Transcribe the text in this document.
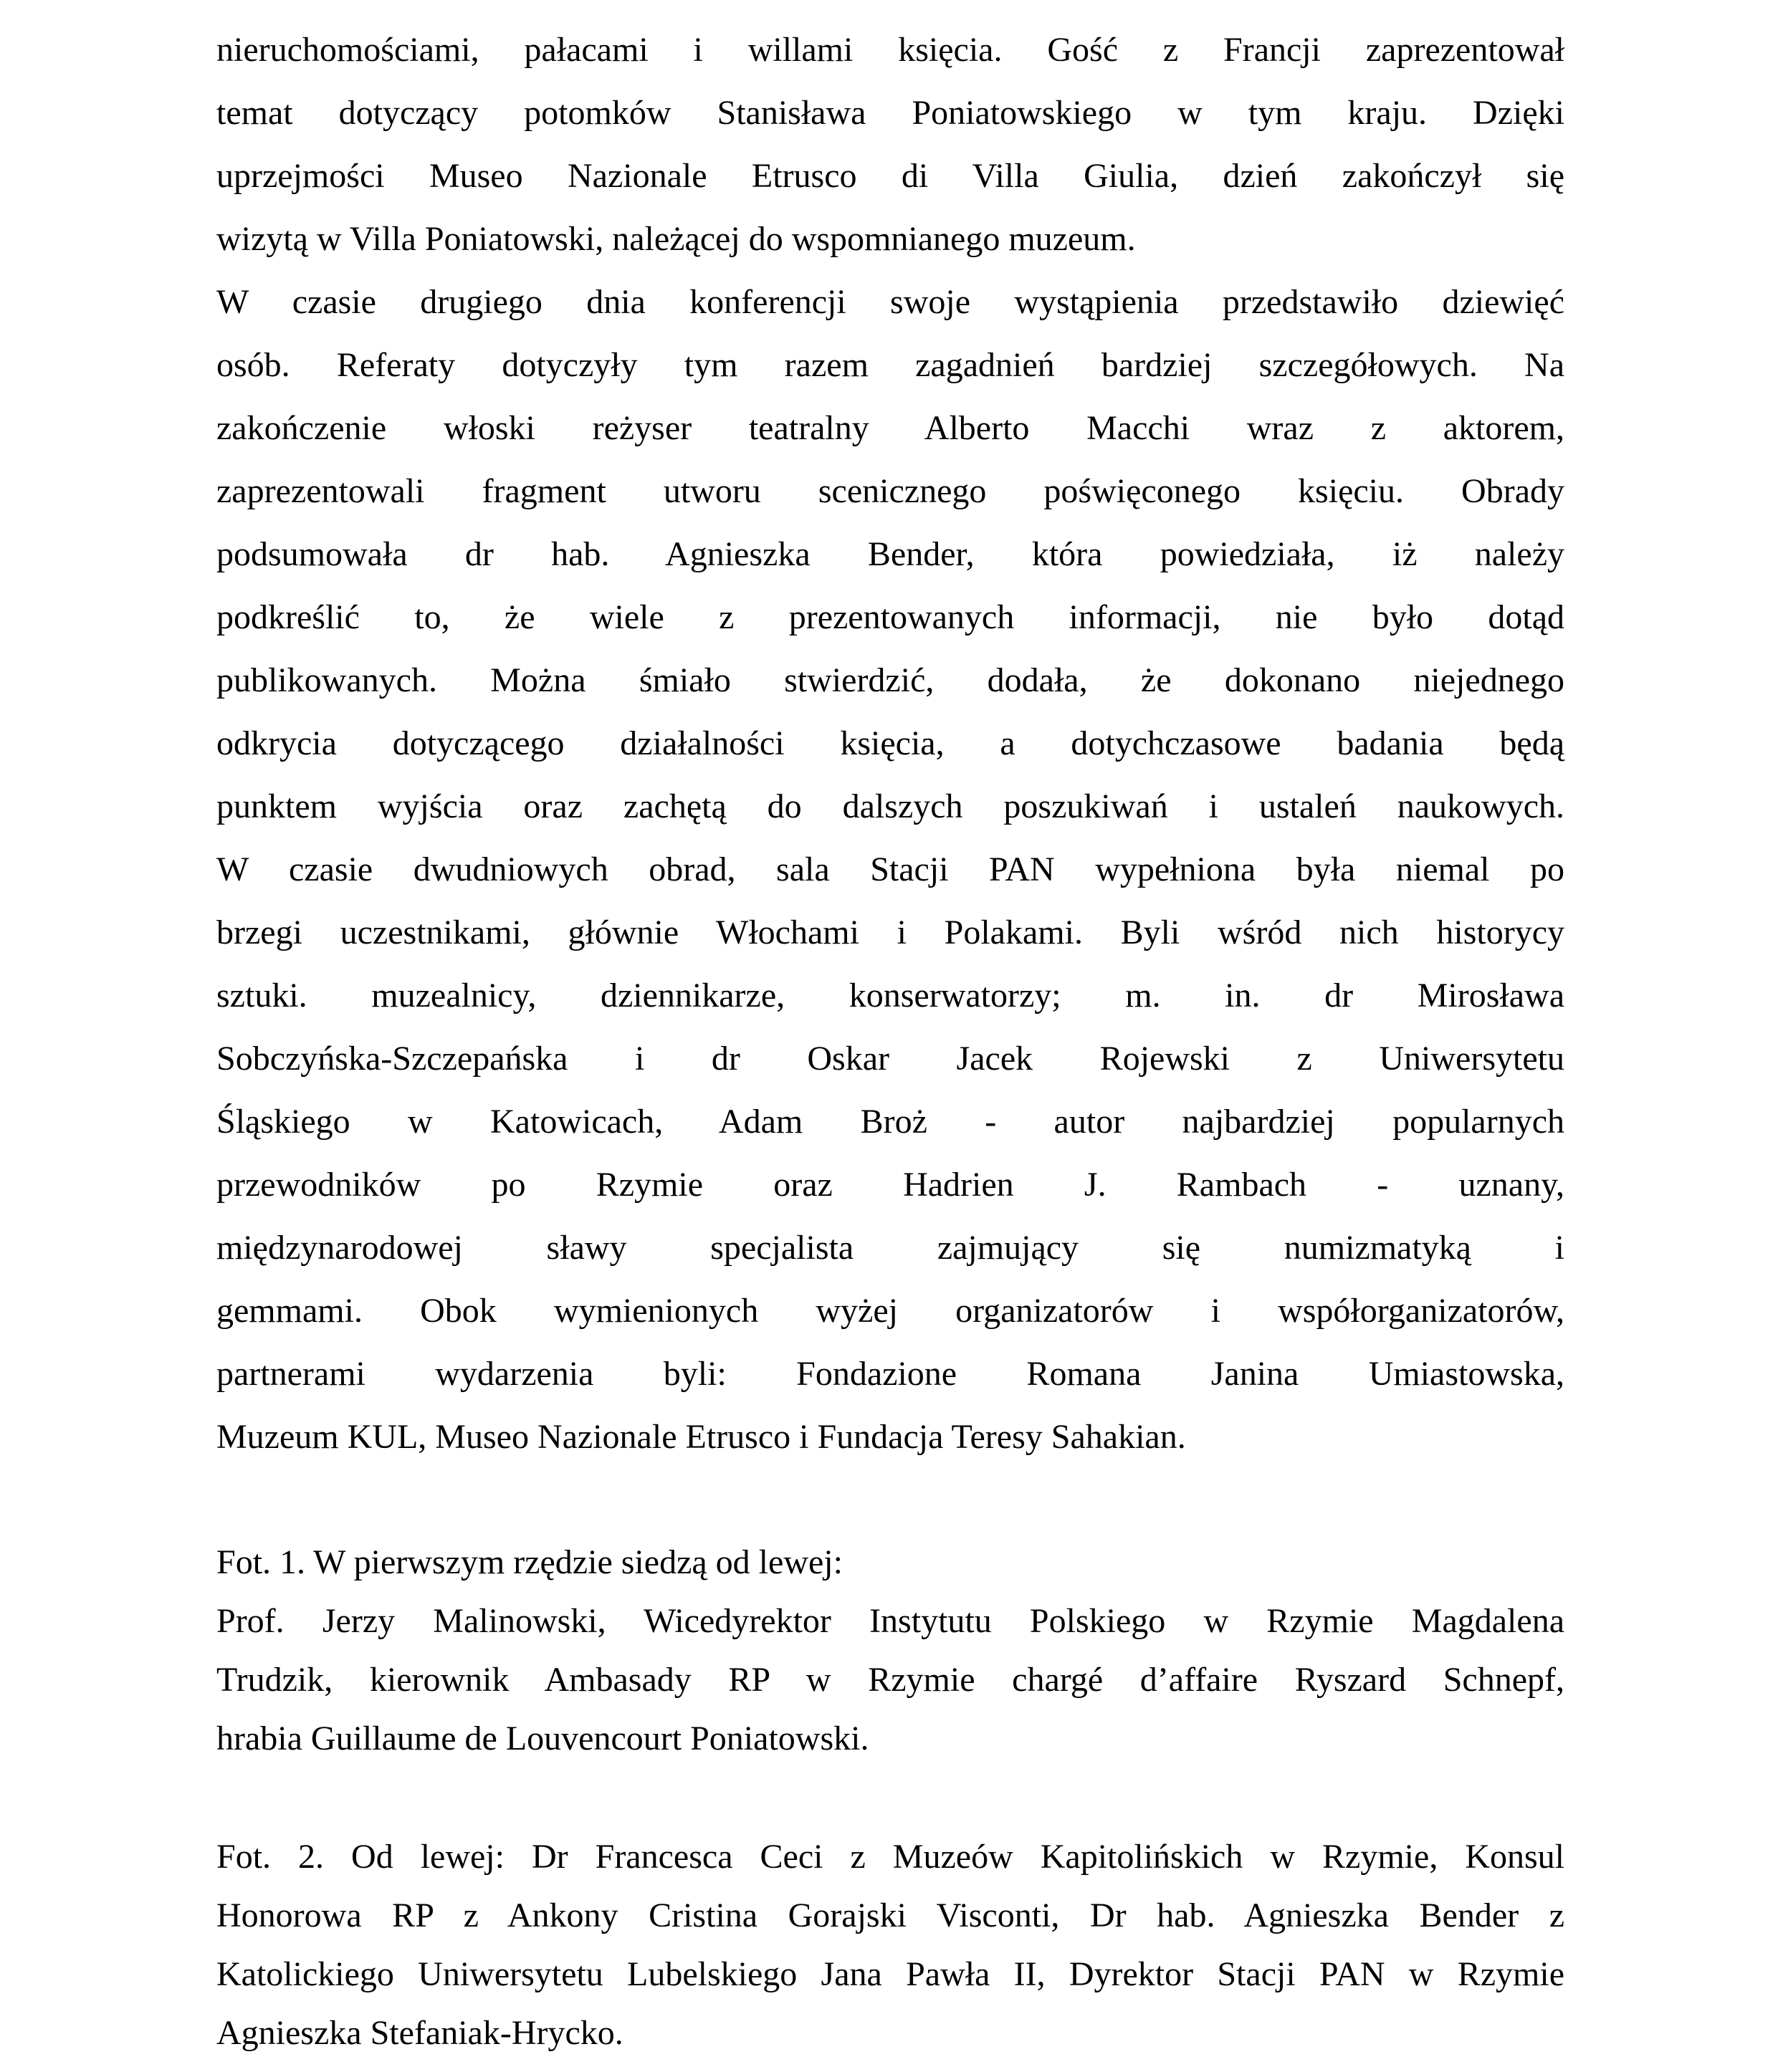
nieruchomościami, pałacami i willami księcia. Gość z Francji zaprezentował
temat dotyczący potomków Stanisława Poniatowskiego w tym kraju. Dzięki
uprzejmości Museo Nazionale Etrusco di Villa Giulia, dzień zakończył się
wizytą w Villa Poniatowski, należącej do wspomnianego muzeum.
W czasie drugiego dnia konferencji swoje wystąpienia przedstawiło dziewięć
osób. Referaty dotyczyły tym razem zagadnień bardziej szczegółowych. Na
zakończenie włoski reżyser teatralny Alberto Macchi wraz z aktorem,
zaprezentowali fragment utworu scenicznego poświęconego księciu. Obrady
podsumowała dr hab. Agnieszka Bender, która powiedziała, iż należy
podkreślić to, że wiele z prezentowanych informacji, nie było dotąd
publikowanych. Można śmiało stwierdzić, dodała, że dokonano niejednego
odkrycia dotyczącego działalności księcia, a dotychczasowe badania będą
punktem wyjścia oraz zachętą do dalszych poszukiwań i ustaleń naukowych.
W czasie dwudniowych obrad, sala Stacji PAN wypełniona była niemal po
brzegi uczestnikami, głównie Włochami i Polakami. Byli wśród nich historycy
sztuki. muzealnicy, dziennikarze, konserwatorzy; m. in. dr Mirosława
Sobczyńska-Szczepańska i dr Oskar Jacek Rojewski z Uniwersytetu
Śląskiego w Katowicach, Adam Broż - autor najbardziej popularnych
przewodników po Rzymie oraz Hadrien J. Rambach - uznany,
międzynarodowej sławy specjalista zajmujący się numizmatyką i
gemmami. Obok wymienionych wyżej organizatorów i współorganizatorów,
partnerami wydarzenia byli: Fondazione Romana Janina Umiastowska,
Muzeum KUL, Museo Nazionale Etrusco i Fundacja Teresy Sahakian.
Fot. 1. W pierwszym rzędzie siedzą od lewej:
Prof. Jerzy Malinowski, Wicedyrektor Instytutu Polskiego w Rzymie Magdalena
Trudzik, kierownik Ambasady RP w Rzymie chargé d’affaire Ryszard Schnepf,
hrabia Guillaume de Louvencourt Poniatowski.
Fot. 2. Od lewej: Dr Francesca Ceci z Muzeów Kapitolińskich w Rzymie, Konsul
Honorowa RP z Ankony Cristina Gorajski Visconti, Dr hab. Agnieszka Bender z
Katolickiego Uniwersytetu Lubelskiego Jana Pawła II, Dyrektor Stacji PAN w Rzymie
Agnieszka Stefaniak-Hrycko.
